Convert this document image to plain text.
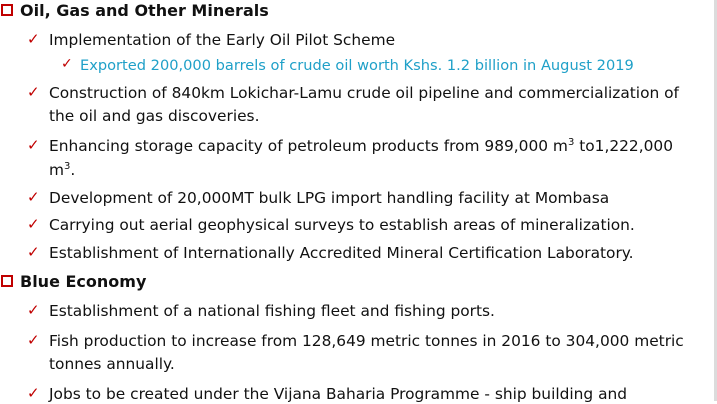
Oil, Gas and Other Minerals
✓ Implementation of the Early Oil Pilot Scheme
✓ Exported 200,000 barrels of crude oil worth Kshs. 1.2 billion in August 2019
✓ Construction of 840km Lokichar-Lamu crude oil pipeline and commercialization of
the oil and gas discoveries.
✓ Enhancing storage capacity of petroleum products from 989,000 $m^3$ to1,222,000
$m^3$.
✓ Development of 20,000MT bulk LPG import handling facility at Mombasa
✓ Carrying out aerial geophysical surveys to establish areas of mineralization.
✓ Establishment of Internationally Accredited Mineral Certification Laboratory.
Blue Economy
✓ Establishment of a national fishing fleet and fishing ports.
✓ Fish production to increase from 128,649 metric tonnes in 2016 to 304,000 metric
tonnes annually.
✓ Jobs to be created under the Vijana Baharia Programme - ship building and
